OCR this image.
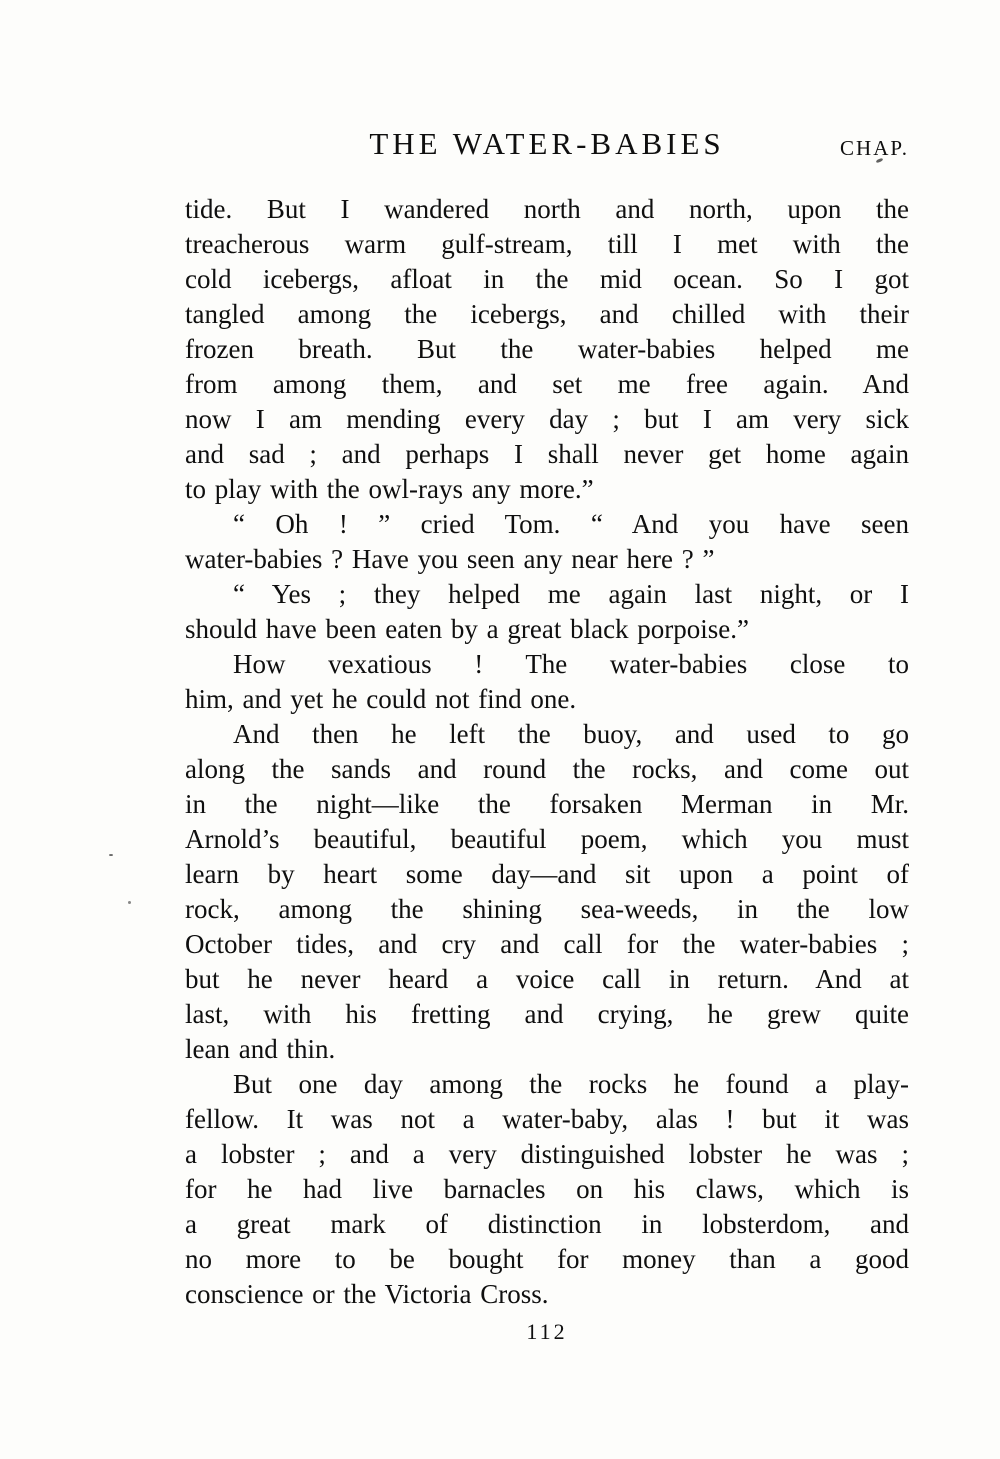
THE WATER-BABIES	CHAP.
tide. But I wandered north and north, upon the
treacherous warm gulf-stream, till I met with the
cold icebergs, afloat in the mid ocean. So I got
tangled among the icebergs, and chilled with their
frozen breath. But the water-babies helped me
from among them, and set me free again. And
now I am mending every day ; but I am very sick
and sad ; and perhaps I shall never get home again
to play with the owl-rays any more.”
“ Oh ! ” cried Tom. “ And you have seen
water-babies ? Have you seen any near here ? ”
“ Yes ; they helped me again last night, or I
should have been eaten by a great black porpoise.”
How vexatious ! The water-babies close to
him, and yet he could not find one.
And then he left the buoy, and used to go
along the sands and round the rocks, and come out
in the night—like the forsaken Merman in Mr.
Arnold’s beautiful, beautiful poem, which you must
learn by heart some day—and sit upon a point of
rock, among the shining sea-weeds, in the low
October tides, and cry and call for the water-babies ;
but he never heard a voice call in return. And at
last, with his fretting and crying, he grew quite
lean and thin.
But one day among the rocks he found a play-
fellow. It was not a water-baby, alas ! but it was
a lobster ; and a very distinguished lobster he was ;
for he had live barnacles on his claws, which is
a great mark of distinction in lobsterdom, and
no more to be bought for money than a good
conscience or the Victoria Cross.
112
